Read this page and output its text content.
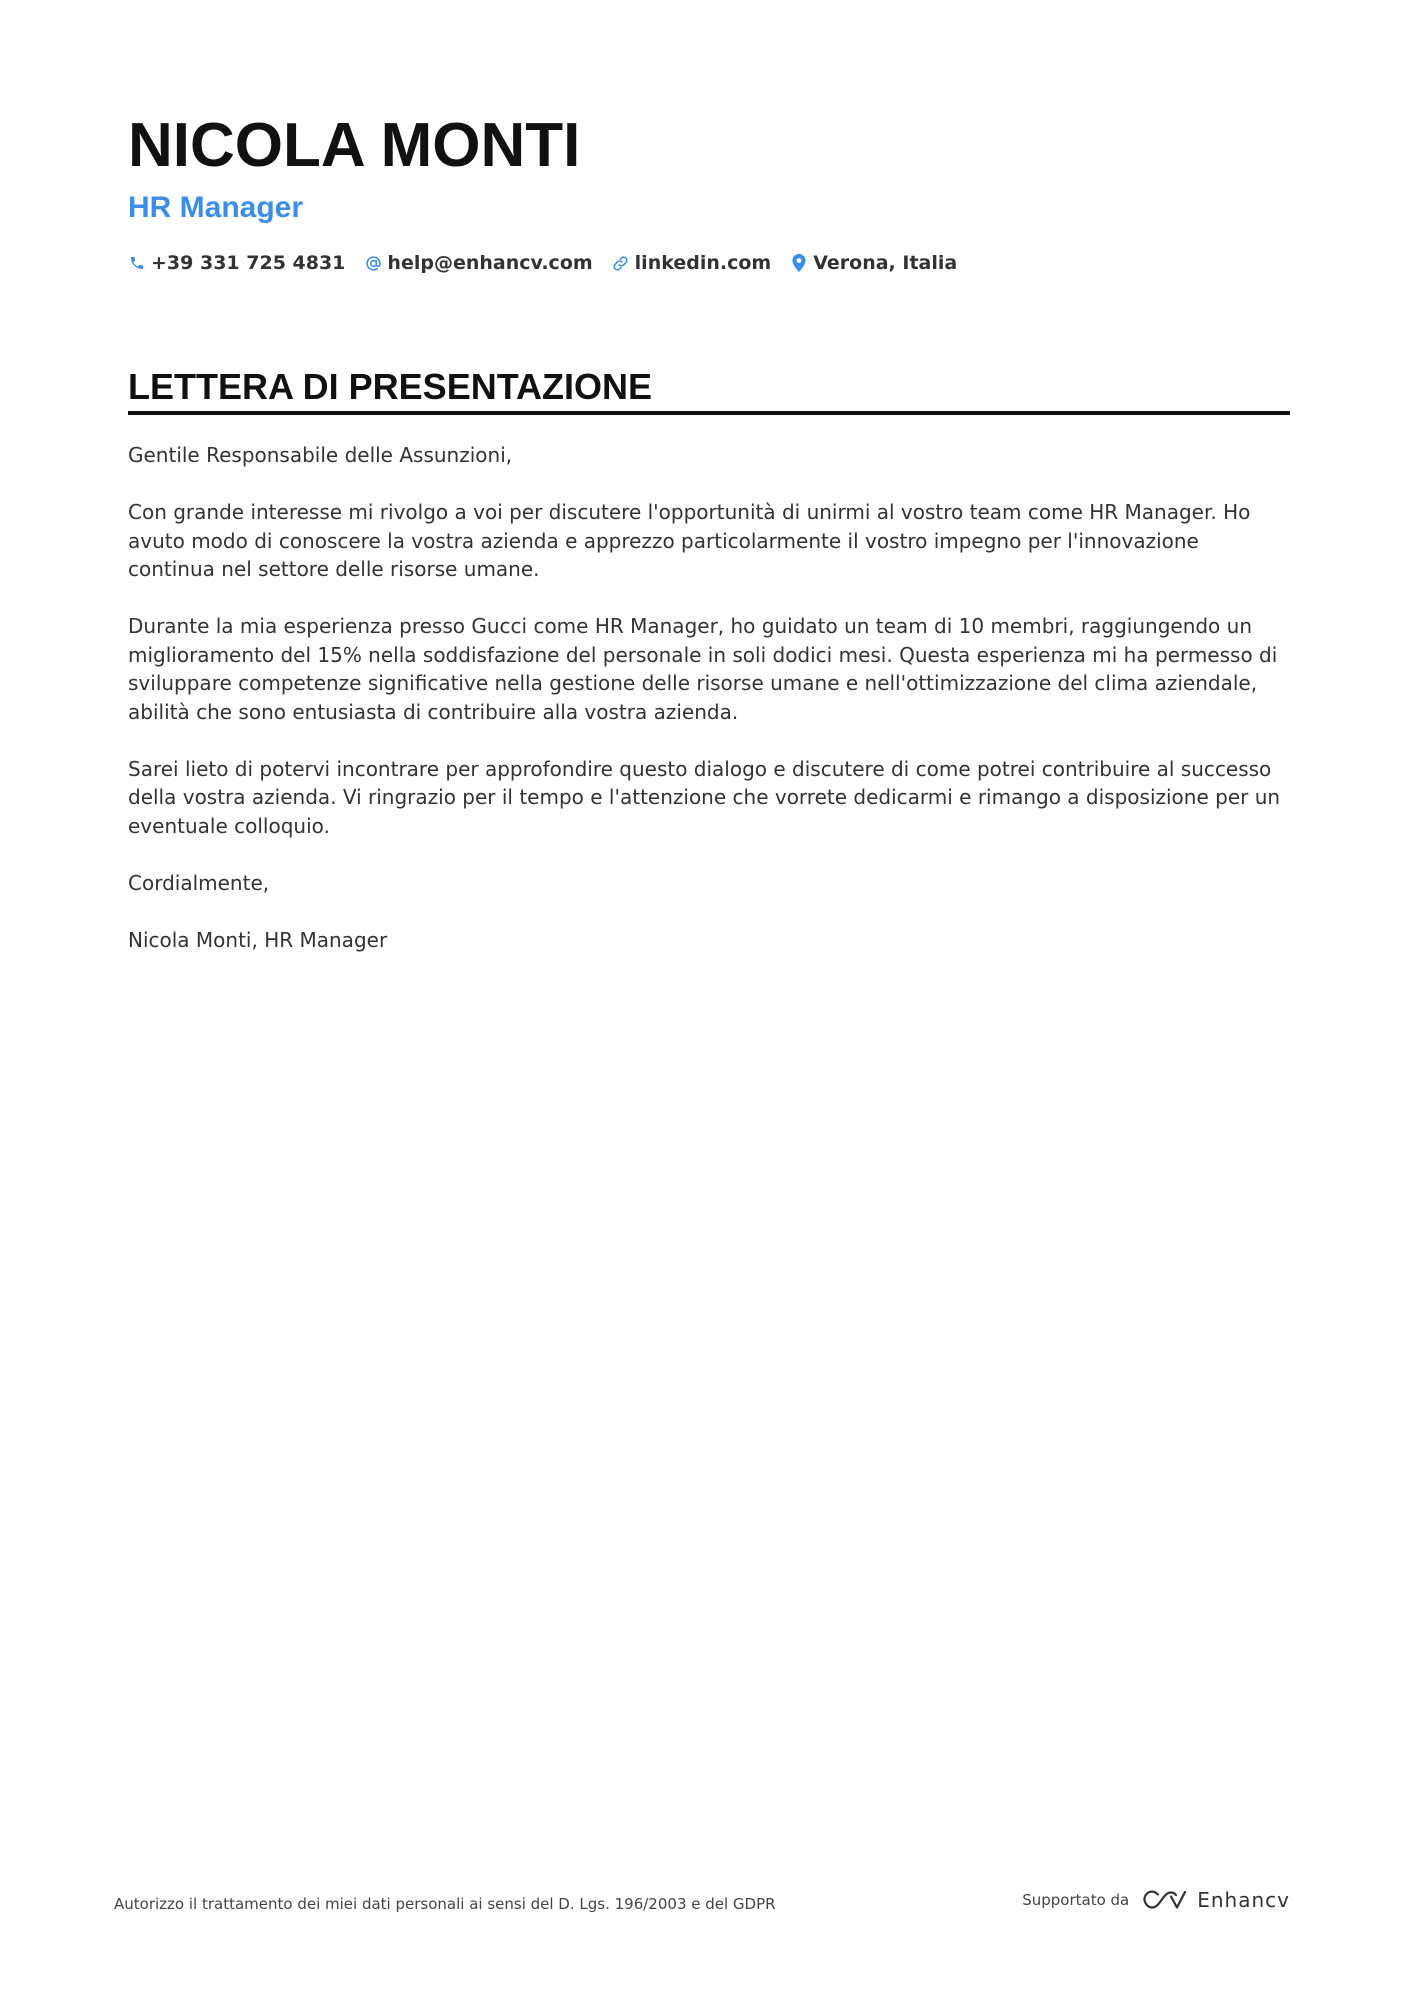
NICOLA MONTI
HR Manager
+39 331 725 4831 help@enhancv.com linkedin.com Verona, Italia
LETTERA DI PRESENTAZIONE

Gentile Responsabile delle Assunzioni,

Con grande interesse mi rivolgo a voi per discutere l'opportunità di unirmi al vostro team come HR Manager. Ho avuto modo di conoscere la vostra azienda e apprezzo particolarmente il vostro impegno per l'innovazione continua nel settore delle risorse umane.

Durante la mia esperienza presso Gucci come HR Manager, ho guidato un team di 10 membri, raggiungendo un miglioramento del 15% nella soddisfazione del personale in soli dodici mesi. Questa esperienza mi ha permesso di sviluppare competenze significative nella gestione delle risorse umane e nell'ottimizzazione del clima aziendale, abilità che sono entusiasta di contribuire alla vostra azienda.

Sarei lieto di potervi incontrare per approfondire questo dialogo e discutere di come potrei contribuire al successo della vostra azienda. Vi ringrazio per il tempo e l'attenzione che vorrete dedicarmi e rimango a disposizione per un eventuale colloquio.

Cordialmente,

Nicola Monti, HR Manager

Autorizzo il trattamento dei miei dati personali ai sensi del D. Lgs. 196/2003 e del GDPR	Supportato da	Enhancv
